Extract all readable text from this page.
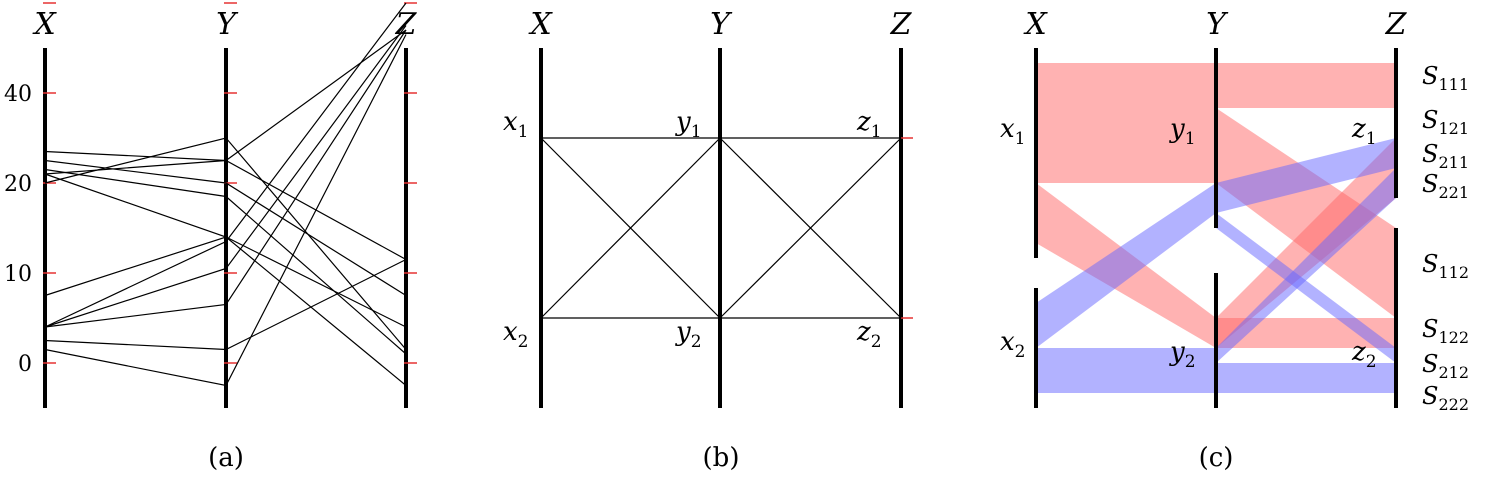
X	Y	Z
40
20
10
0
(a)
X	Y	Z
$x_1$
$x_2$
$y_1$
$y_2$
$z_1$
$z_2$
(b)
X	Y	Z
$x_1$
$x_2$
$y_1$
$y_2$
$z_1$
$z_2$
$S_{111}$
$S_{121}$
$S_{211}$
$S_{221}$
$S_{112}$
$S_{122}$
$S_{212}$
$S_{222}$
(c)
